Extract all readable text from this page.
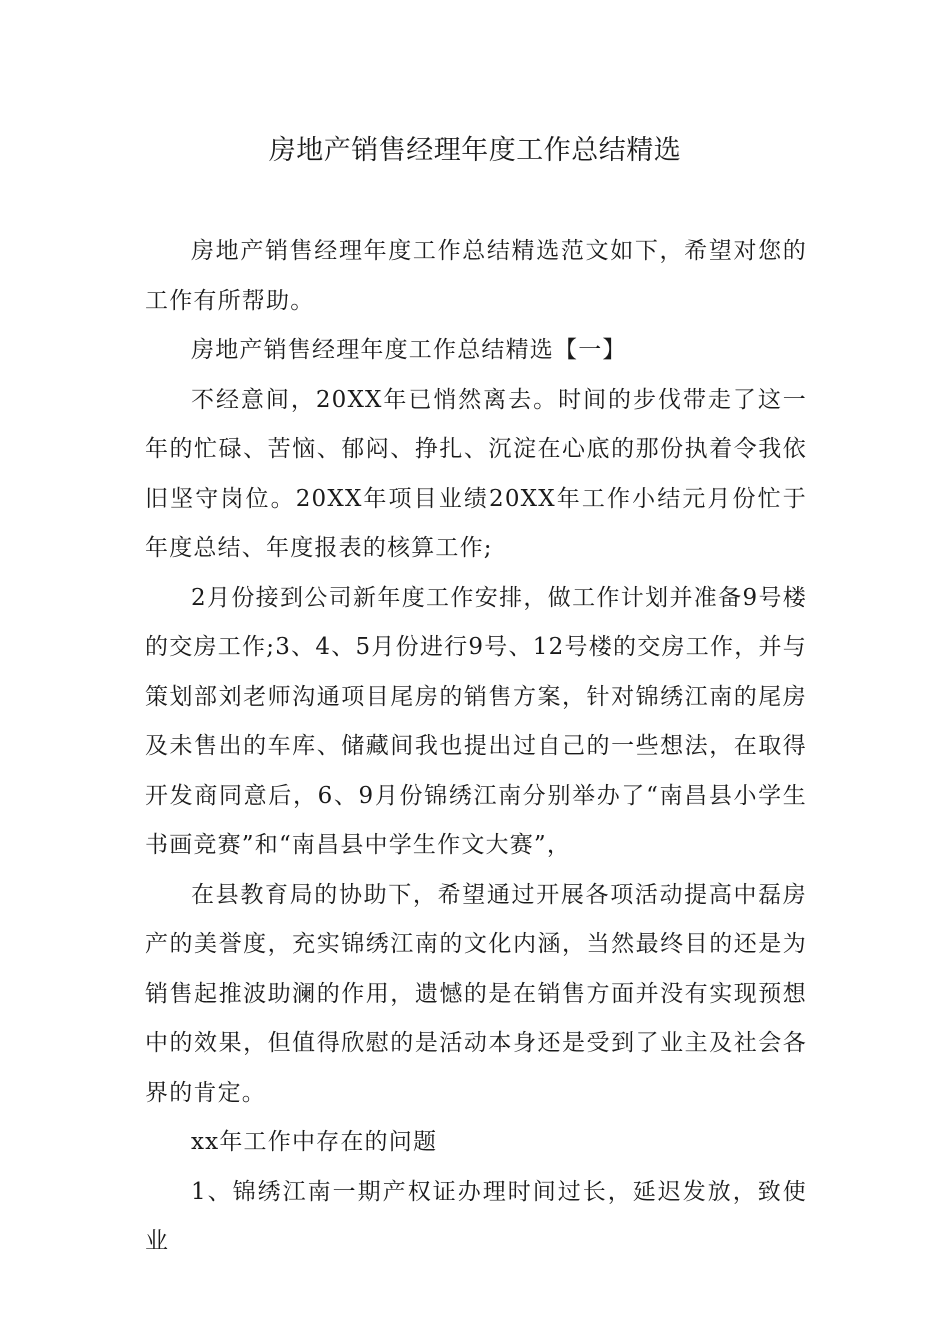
房地产销售经理年度工作总结精选

房地产销售经理年度工作总结精选范文如下，希望对您的工作有所帮助。

房地产销售经理年度工作总结精选【一】

不经意间，20XX年已悄然离去。时间的步伐带走了这一年的忙碌、苦恼、郁闷、挣扎、沉淀在心底的那份执着令我依旧坚守岗位。20XX年项目业绩20XX年工作小结元月份忙于年度总结、年度报表的核算工作;

2月份接到公司新年度工作安排，做工作计划并准备9号楼的交房工作;3、4、5月份进行9号、12号楼的交房工作，并与策划部刘老师沟通项目尾房的销售方案，针对锦绣江南的尾房及未售出的车库、储藏间我也提出过自己的一些想法，在取得开发商同意后，6、9月份锦绣江南分别举办了“南昌县小学生书画竞赛”和“南昌县中学生作文大赛”，

在县教育局的协助下，希望通过开展各项活动提高中磊房产的美誉度，充实锦绣江南的文化内涵，当然最终目的还是为销售起推波助澜的作用，遗憾的是在销售方面并没有实现预想中的效果，但值得欣慰的是活动本身还是受到了业主及社会各界的肯定。

xx年工作中存在的问题

1、锦绣江南一期产权证办理时间过长，延迟发放，致使业
